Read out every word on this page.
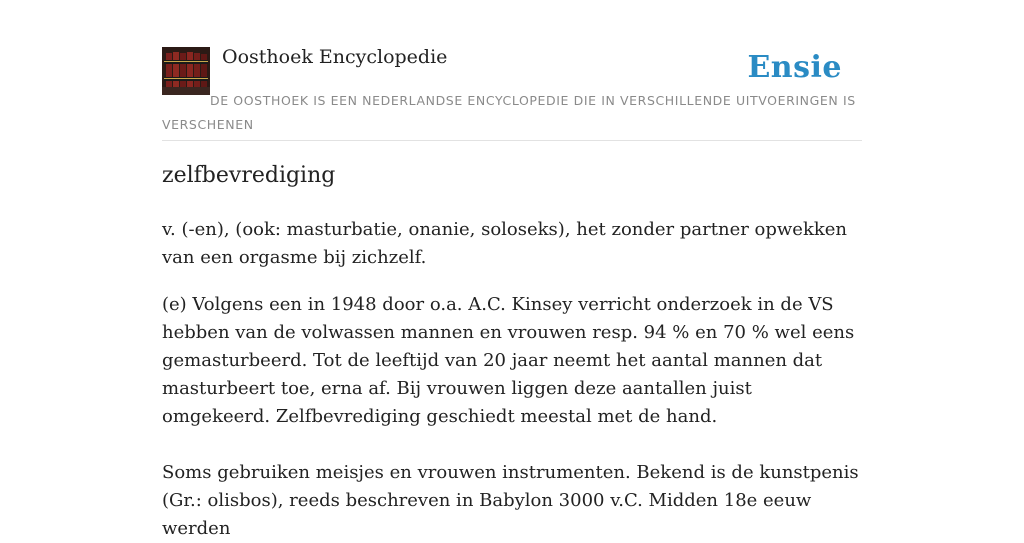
Oosthoek Encyclopedie	Ensie
DE OOSTHOEK IS EEN NEDERLANDSE ENCYCLOPEDIE DIE IN VERSCHILLENDE UITVOERINGEN IS VERSCHENEN
zelfbevrediging

v. (-en), (ook: masturbatie, onanie, soloseks), het zonder partner opwekken van een orgasme bij zichzelf.

(e) Volgens een in 1948 door o.a. A.C. Kinsey verricht onderzoek in de VS hebben van de volwassen mannen en vrouwen resp. 94 % en 70 % wel eens gemasturbeerd. Tot de leeftijd van 20 jaar neemt het aantal mannen dat masturbeert toe, erna af. Bij vrouwen liggen deze aantallen juist omgekeerd. Zelfbevrediging geschiedt meestal met de hand.

Soms gebruiken meisjes en vrouwen instrumenten. Bekend is de kunstpenis (Gr.: olisbos), reeds beschreven in Babylon 3000 v.C. Midden 18e eeuw werden
